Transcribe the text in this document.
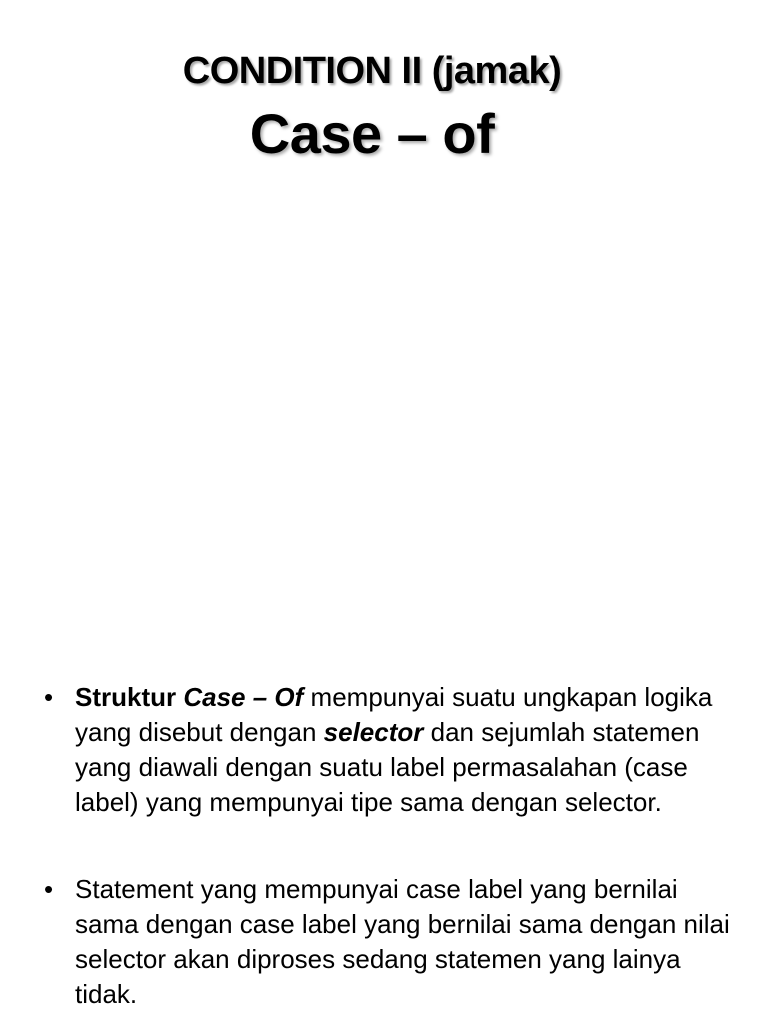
CONDITION II (jamak)
Case – of
• Struktur Case – Of mempunyai suatu ungkapan logika yang disebut dengan selector dan sejumlah statemen yang diawali dengan suatu label permasalahan (case label) yang mempunyai tipe sama dengan selector.
• Statement yang mempunyai case label yang bernilai sama dengan case label yang bernilai sama dengan nilai selector akan diproses sedang statemen yang lainya tidak.
